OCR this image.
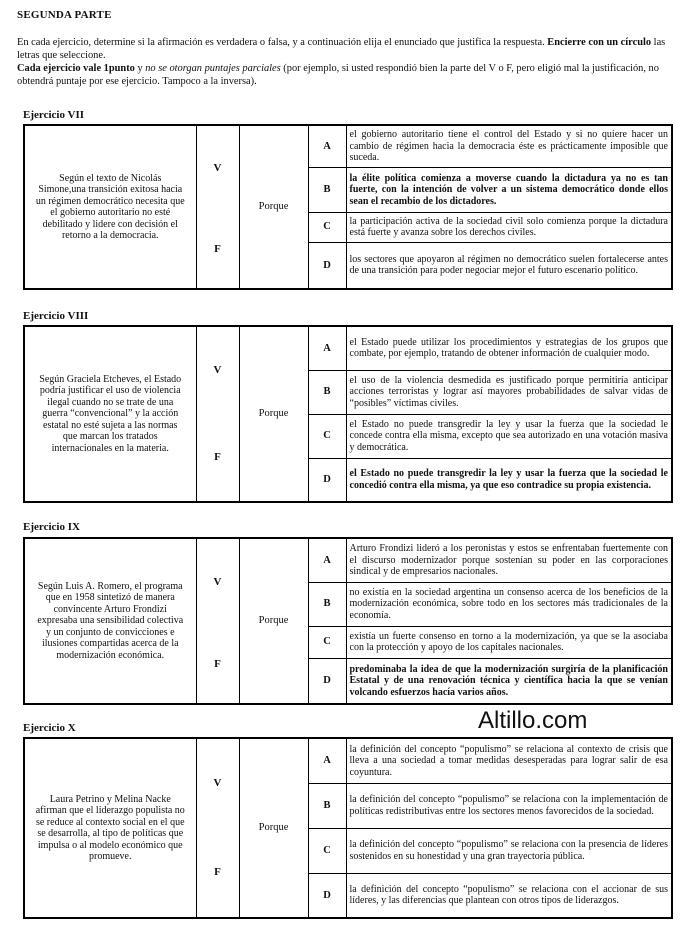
SEGUNDA PARTE
En cada ejercicio, determine si la afirmación es verdadera o falsa, y a continuación elija el enunciado que justifica la respuesta. Encierre con un círculo las letras que seleccione.
Cada ejercicio vale 1punto y no se otorgan puntajes parciales (por ejemplo, si usted respondió bien la parte del V o F, pero eligió mal la justificación, no obtendrá puntaje por ese ejercicio. Tampoco a la inversa).
Ejercicio VII
Según el texto de Nicolás Simone,una transición exitosa hacia un régimen democrático necesita que el gobierno autoritario no esté debilitado y lidere con decisión el retorno a la democracia.	V	Porque	A	el gobierno autoritario tiene el control del Estado y si no quiere hacer un cambio de régimen hacia la democracia éste es prácticamente imposible que suceda.
			B	la élite política comienza a moverse cuando la dictadura ya no es tan fuerte, con la intención de volver a un sistema democrático donde ellos sean el recambio de los dictadores.
	F		C	la participación activa de la sociedad civil solo comienza porque la dictadura está fuerte y avanza sobre los derechos civiles.
			D	los sectores que apoyaron al régimen no democrático suelen fortalecerse antes de una transición para poder negociar mejor el futuro escenario político.
Ejercicio VIII
Según Graciela Etcheves, el Estado podría justificar el uso de violencia ilegal cuando no se trate de una guerra “convencional” y la acción estatal no esté sujeta a las normas que marcan los tratados internacionales en la materia.	V	Porque	A	el Estado puede utilizar los procedimientos y estrategias de los grupos que combate, por ejemplo, tratando de obtener información de cualquier modo.
			B	el uso de la violencia desmedida es justificado porque permitiría anticipar acciones terroristas y lograr así mayores probabilidades de salvar vidas de “posibles” víctimas civiles.
	F		C	el Estado no puede transgredir la ley y usar la fuerza que la sociedad le concede contra ella misma, excepto que sea autorizado en una votación masiva y democrática.
			D	el Estado no puede transgredir la ley y usar la fuerza que la sociedad le concedió contra ella misma, ya que eso contradice su propia existencia.
Ejercicio IX
Según Luis A. Romero, el programa que en 1958 sintetizó de manera convincente Arturo Frondizi expresaba una sensibilidad colectiva y un conjunto de convicciones e ilusiones compartidas acerca de la modernización económica.	V	Porque	A	Arturo Frondizi lideró a los peronistas y estos se enfrentaban fuertemente con el discurso modernizador porque sostenían su poder en las corporaciones sindical y de empresarios nacionales.
			B	no existía en la sociedad argentina un consenso acerca de los beneficios de la modernización económica, sobre todo en los sectores más tradicionales de la economía.
	F		C	existía un fuerte consenso en torno a la modernización, ya que se la asociaba con la protección y apoyo de los capitales nacionales.
			D	predominaba la idea de que la modernización surgiría de la planificación Estatal y de una renovación técnica y científica hacia la que se venían volcando esfuerzos hacía varios años.
Altillo.com
Ejercicio X
Laura Petrino y Melina Nacke afirman que el liderazgo populista no se reduce al contexto social en el que se desarrolla, al tipo de políticas que impulsa o al modelo económico que promueve.	V	Porque	A	la definición del concepto “populismo” se relaciona al contexto de crisis que lleva a una sociedad a tomar medidas desesperadas para lograr salir de esa coyuntura.
			B	la definición del concepto “populismo” se relaciona con la implementación de políticas redistributivas entre los sectores menos favorecidos de la sociedad.
	F		C	la definición del concepto “populismo” se relaciona con la presencia de líderes sostenidos en su honestidad y una gran trayectoria pública.
			D	la definición del concepto “populismo” se relaciona con el accionar de sus líderes, y las diferencias que plantean con otros tipos de liderazgos.
